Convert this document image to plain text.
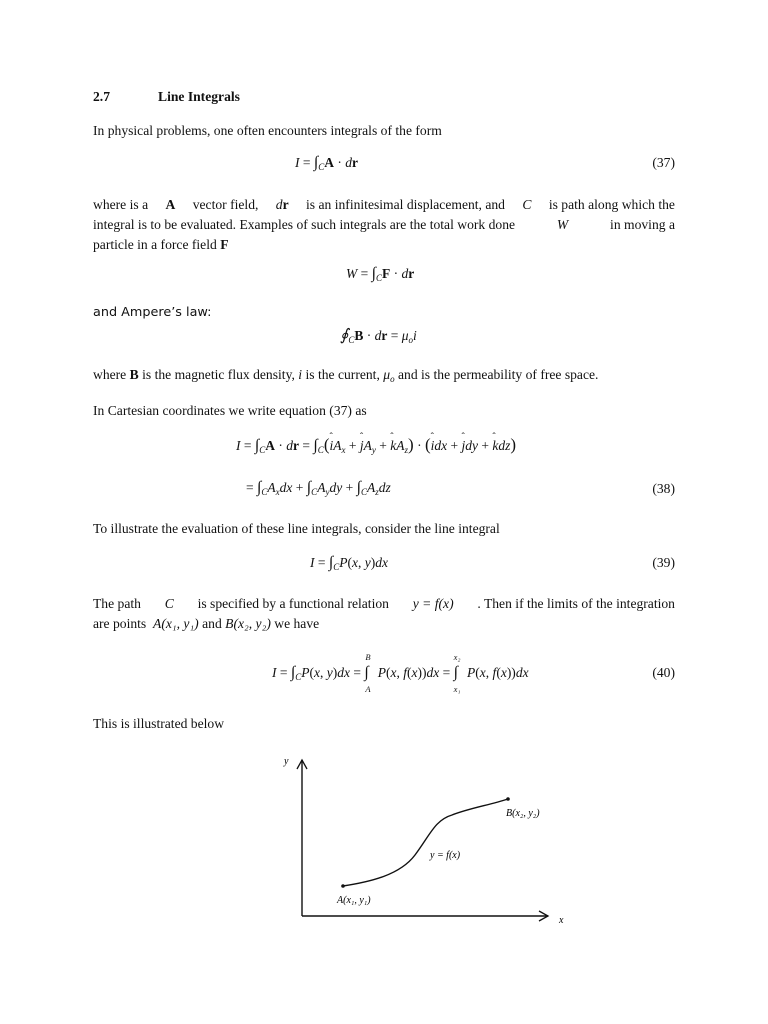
2.7	Line Integrals
In physical problems, one often encounters integrals of the form
$I = \int_CA$ · dr	(37)
where is a A vector field, dr is an infinitesimal displacement, and C is path along which the
integral is to be evaluated. Examples of such integrals are the total work done	W	in moving a
particle in a force field F
$W = \int_CF$ · dr
and Ampere’s law:
$∮_CB$ · dr = $\mu_oi$
where B is the magnetic flux density, i is the current, $\mu_o$ and is the permeability of free space.
In Cartesian coordinates we write equation (37) as
$I = \int_CA$ · dr = $\int_C(i$ ˆA$_x$ + j ˆA$_y$ + k ˆA$_z$) · (i ˆdx + j ˆdy + k ˆdz)
= $\int_CA_xdx + \int_CA_ydy + \int_CA_zdz$	(38)
To illustrate the evaluation of these line integrals, consider the line integral
$I = \int_CP(x$, y)dx	(39)
The path C is specified by a functional relation y = f(x) . Then if the limits of the integration
are points A(x₁, y₁) and B(x₂, y₂) we have
$I = \int_CP(x$, y)dx = ∫
B
A
P(x, f(x))dx = ∫
x₂
x₁
P(x, f(x))dx	(40)
This is illustrated below
y
x
A(x₁, y₁)
B(x₂, y₂)
y = f(x)
